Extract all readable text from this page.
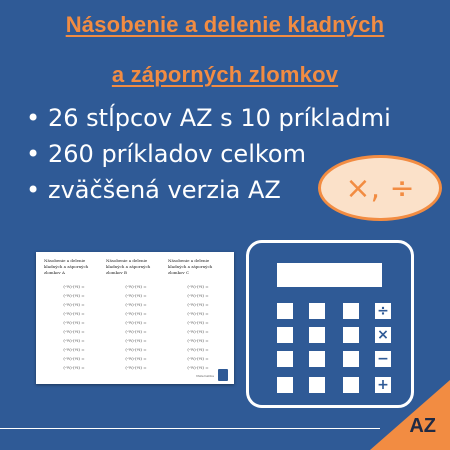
Násobenie a delenie kladných
a záporných zlomkov
• 26 stĺpcov AZ s 10 príkladmi
• 260 príkladov celkom
• zväčšená verzia AZ	×, ÷
Násobenie a delenie kladných a záporných zlomkov A
(-½)·(⅓) =
(-½)·(⅓) =
(-½)·(⅓) =
(-½)·(⅓) =
(-½)·(⅓) =
(-½)·(⅓) =
(-½)·(⅓) =
(-½)·(⅓) =
(-½)·(⅓) =
(-½)·(⅓) =
Násobenie a delenie kladných a záporných zlomkov B
(-½)·(⅓) =
(-½)·(⅓) =
(-½)·(⅓) =
(-½)·(⅓) =
(-½)·(⅓) =
(-½)·(⅓) =
(-½)·(⅓) =
(-½)·(⅓) =
(-½)·(⅓) =
(-½)·(⅓) =
Násobenie a delenie kladných a záporných zlomkov C
(-½)·(⅓) =
(-½)·(⅓) =
(-½)·(⅓) =
(-½)·(⅓) =
(-½)·(⅓) =
(-½)·(⅓) =
(-½)·(⅓) =
(-½)·(⅓) =
(-½)·(⅓) =
(-½)·(⅓) =
Matematika
÷
×
−
+
AZ
